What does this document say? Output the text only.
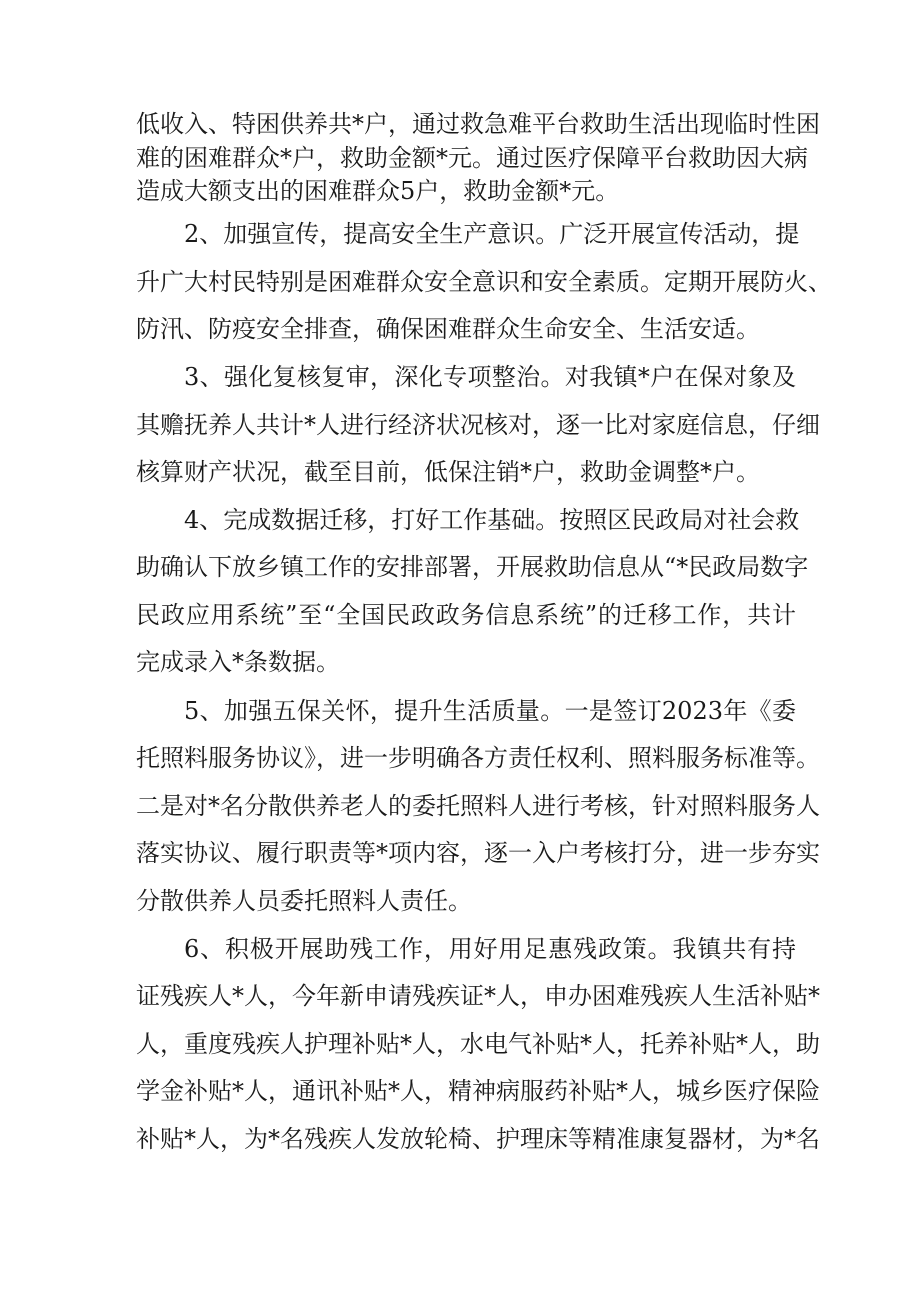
低收入、特困供养共*户，通过救急难平台救助生活出现临时性困
难的困难群众*户，救助金额*元。通过医疗保障平台救助因大病
造成大额支出的困难群众5户，救助金额*元。
2、加强宣传，提高安全生产意识。广泛开展宣传活动，提
升广大村民特别是困难群众安全意识和安全素质。定期开展防火、
防汛、防疫安全排查，确保困难群众生命安全、生活安适。
3、强化复核复审，深化专项整治。对我镇*户在保对象及
其赡抚养人共计*人进行经济状况核对，逐一比对家庭信息，仔细
核算财产状况，截至目前，低保注销*户，救助金调整*户。
4、完成数据迁移，打好工作基础。按照区民政局对社会救
助确认下放乡镇工作的安排部署，开展救助信息从“*民政局数字
民政应用系统”至“全国民政政务信息系统”的迁移工作，共计
完成录入*条数据。
5、加强五保关怀，提升生活质量。一是签订2023年《委
托照料服务协议》，进一步明确各方责任权利、照料服务标准等。
二是对*名分散供养老人的委托照料人进行考核，针对照料服务人
落实协议、履行职责等*项内容，逐一入户考核打分，进一步夯实
分散供养人员委托照料人责任。
6、积极开展助残工作，用好用足惠残政策。我镇共有持
证残疾人*人，今年新申请残疾证*人，申办困难残疾人生活补贴*
人，重度残疾人护理补贴*人，水电气补贴*人，托养补贴*人，助
学金补贴*人，通讯补贴*人，精神病服药补贴*人，城乡医疗保险
补贴*人，为*名残疾人发放轮椅、护理床等精准康复器材，为*名
